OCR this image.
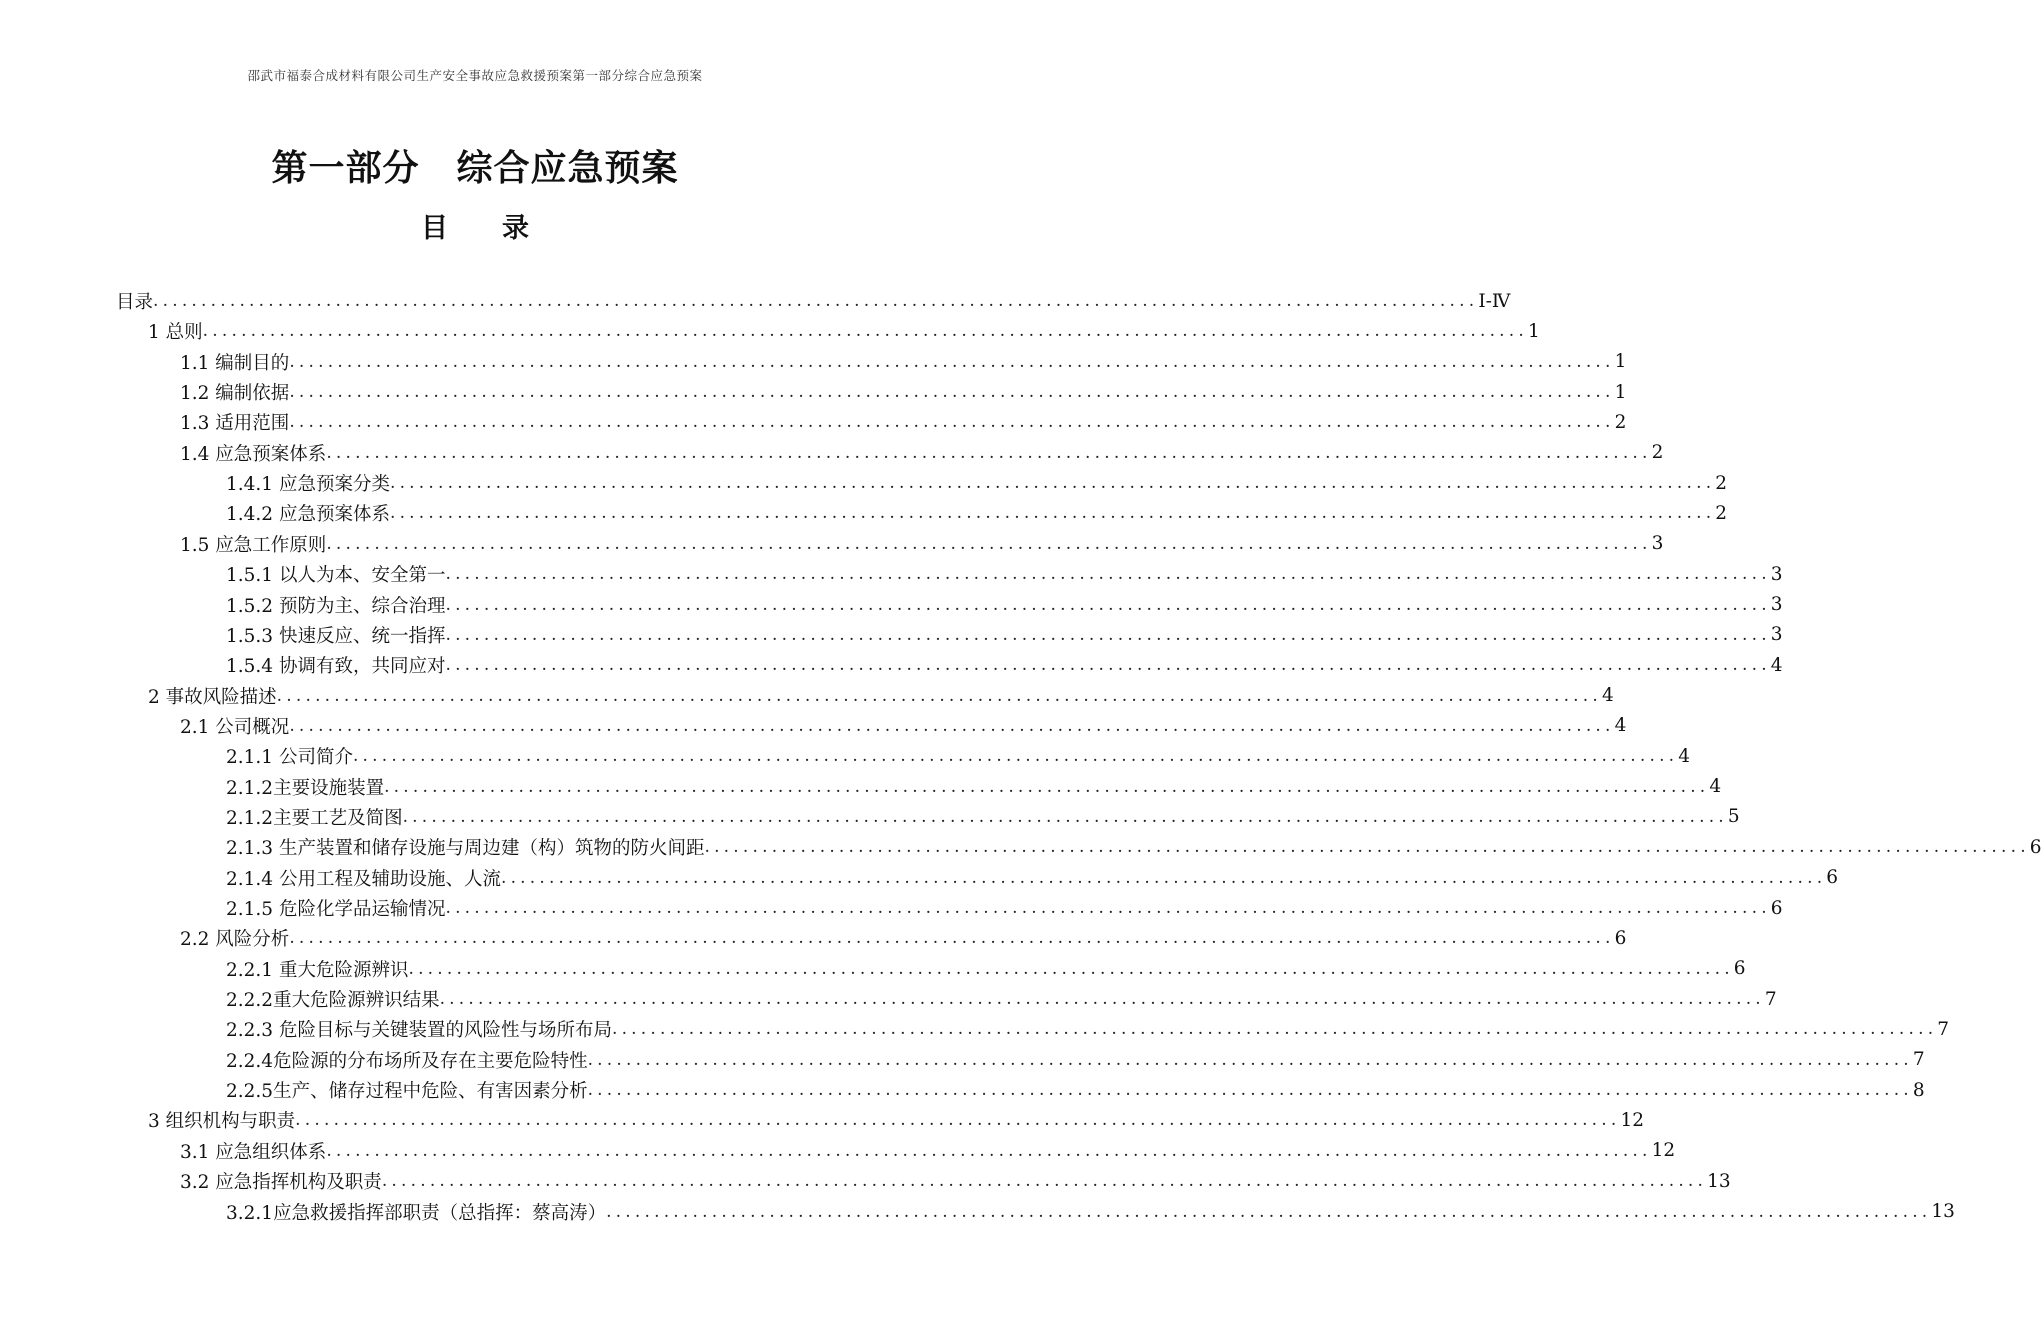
邵武市福泰合成材料有限公司生产安全事故应急救援预案第一部分综合应急预案
第一部分　综合应急预案
目　　录
目录 .......................................................................................................................................... I-Ⅳ
1 总则 .......................................................................................................................................... 1
1.1 编制目的 .......................................................................................................................................... 1
1.2 编制依据 .......................................................................................................................................... 1
1.3 适用范围 .......................................................................................................................................... 2
1.4 应急预案体系 .......................................................................................................................................... 2
1.4.1 应急预案分类 .......................................................................................................................................... 2
1.4.2 应急预案体系 .......................................................................................................................................... 2
1.5 应急工作原则 .......................................................................................................................................... 3
1.5.1 以人为本、安全第一 .......................................................................................................................................... 3
1.5.2 预防为主、综合治理 .......................................................................................................................................... 3
1.5.3 快速反应、统一指挥 .......................................................................................................................................... 3
1.5.4 协调有致，共同应对 .......................................................................................................................................... 4
2 事故风险描述 .......................................................................................................................................... 4
2.1 公司概况 .......................................................................................................................................... 4
2.1.1 公司简介 .......................................................................................................................................... 4
2.1.2主要设施装置 .......................................................................................................................................... 4
2.1.2主要工艺及简图 .......................................................................................................................................... 5
2.1.3 生产装置和储存设施与周边建（构）筑物的防火间距 .......................................................................................................................................... 6
2.1.4 公用工程及辅助设施、人流 .......................................................................................................................................... 6
2.1.5 危险化学品运输情况 .......................................................................................................................................... 6
2.2 风险分析 .......................................................................................................................................... 6
2.2.1 重大危险源辨识 .......................................................................................................................................... 6
2.2.2重大危险源辨识结果 .......................................................................................................................................... 7
2.2.3 危险目标与关键装置的风险性与场所布局 .......................................................................................................................................... 7
2.2.4危险源的分布场所及存在主要危险特性 .......................................................................................................................................... 7
2.2.5生产、储存过程中危险、有害因素分析 .......................................................................................................................................... 8
3 组织机构与职责 .......................................................................................................................................... 12
3.1 应急组织体系 .......................................................................................................................................... 12
3.2 应急指挥机构及职责 .......................................................................................................................................... 13
3.2.1应急救援指挥部职责（总指挥：蔡高涛） .......................................................................................................................................... 13
